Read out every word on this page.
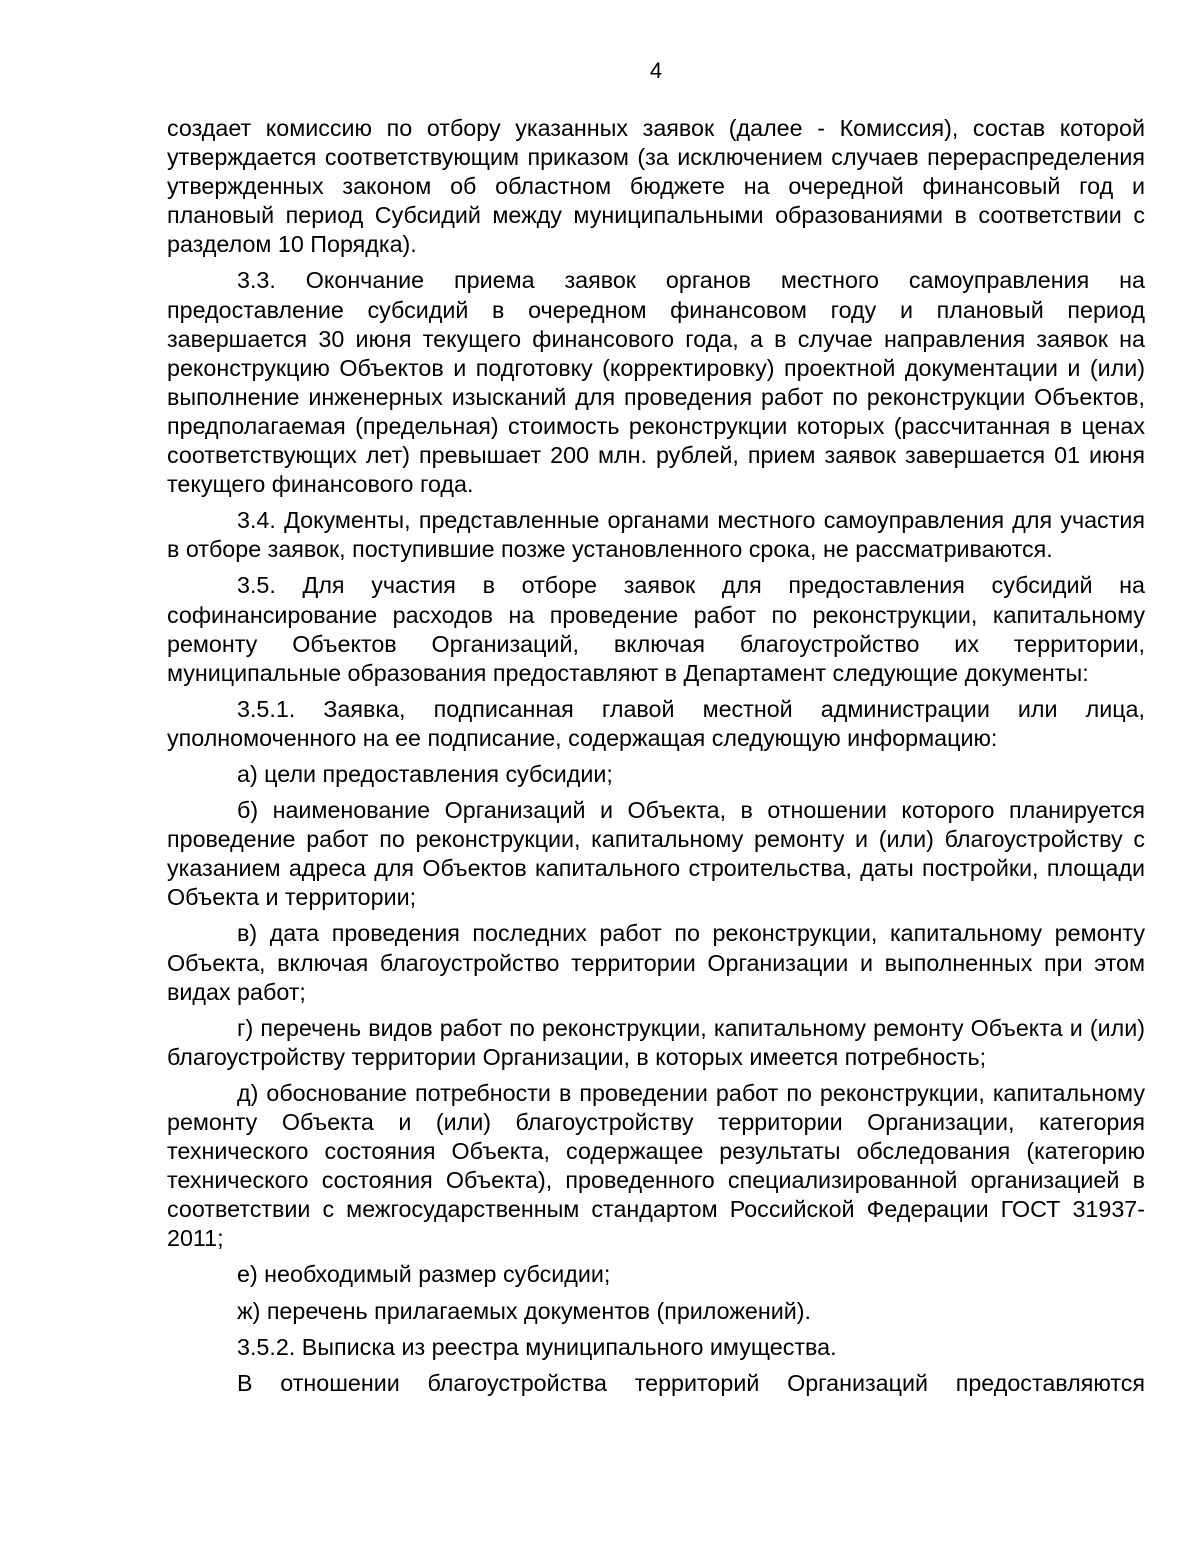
4

создает комиссию по отбору указанных заявок (далее - Комиссия), состав которой утверждается соответствующим приказом (за исключением случаев перераспределения утвержденных законом об областном бюджете на очередной финансовый год и плановый период Субсидий между муниципальными образованиями в соответствии с разделом 10 Порядка).

3.3. Окончание приема заявок органов местного самоуправления на предоставление субсидий в очередном финансовом году и плановый период завершается 30 июня текущего финансового года, а в случае направления заявок на реконструкцию Объектов и подготовку (корректировку) проектной документации и (или) выполнение инженерных изысканий для проведения работ по реконструкции Объектов, предполагаемая (предельная) стоимость реконструкции которых (рассчитанная в ценах соответствующих лет) превышает 200 млн. рублей, прием заявок завершается 01 июня текущего финансового года.

3.4. Документы, представленные органами местного самоуправления для участия в отборе заявок, поступившие позже установленного срока, не рассматриваются.

3.5. Для участия в отборе заявок для предоставления субсидий на софинансирование расходов на проведение работ по реконструкции, капитальному ремонту Объектов Организаций, включая благоустройство их территории, муниципальные образования предоставляют в Департамент следующие документы:

3.5.1. Заявка, подписанная главой местной администрации или лица, уполномоченного на ее подписание, содержащая следующую информацию:

а) цели предоставления субсидии;

б) наименование Организаций и Объекта, в отношении которого планируется проведение работ по реконструкции, капитальному ремонту и (или) благоустройству с указанием адреса для Объектов капитального строительства, даты постройки, площади Объекта и территории;

в) дата проведения последних работ по реконструкции, капитальному ремонту Объекта, включая благоустройство территории Организации и выполненных при этом видах работ;

г) перечень видов работ по реконструкции, капитальному ремонту Объекта и (или) благоустройству территории Организации, в которых имеется потребность;

д) обоснование потребности в проведении работ по реконструкции, капитальному ремонту Объекта и (или) благоустройству территории Организации, категория технического состояния Объекта, содержащее результаты обследования (категорию технического состояния Объекта), проведенного специализированной организацией в соответствии с межгосударственным стандартом Российской Федерации ГОСТ 31937-2011;

е) необходимый размер субсидии;

ж) перечень прилагаемых документов (приложений).

3.5.2. Выписка из реестра муниципального имущества.

В отношении благоустройства территорий Организаций предоставляются
